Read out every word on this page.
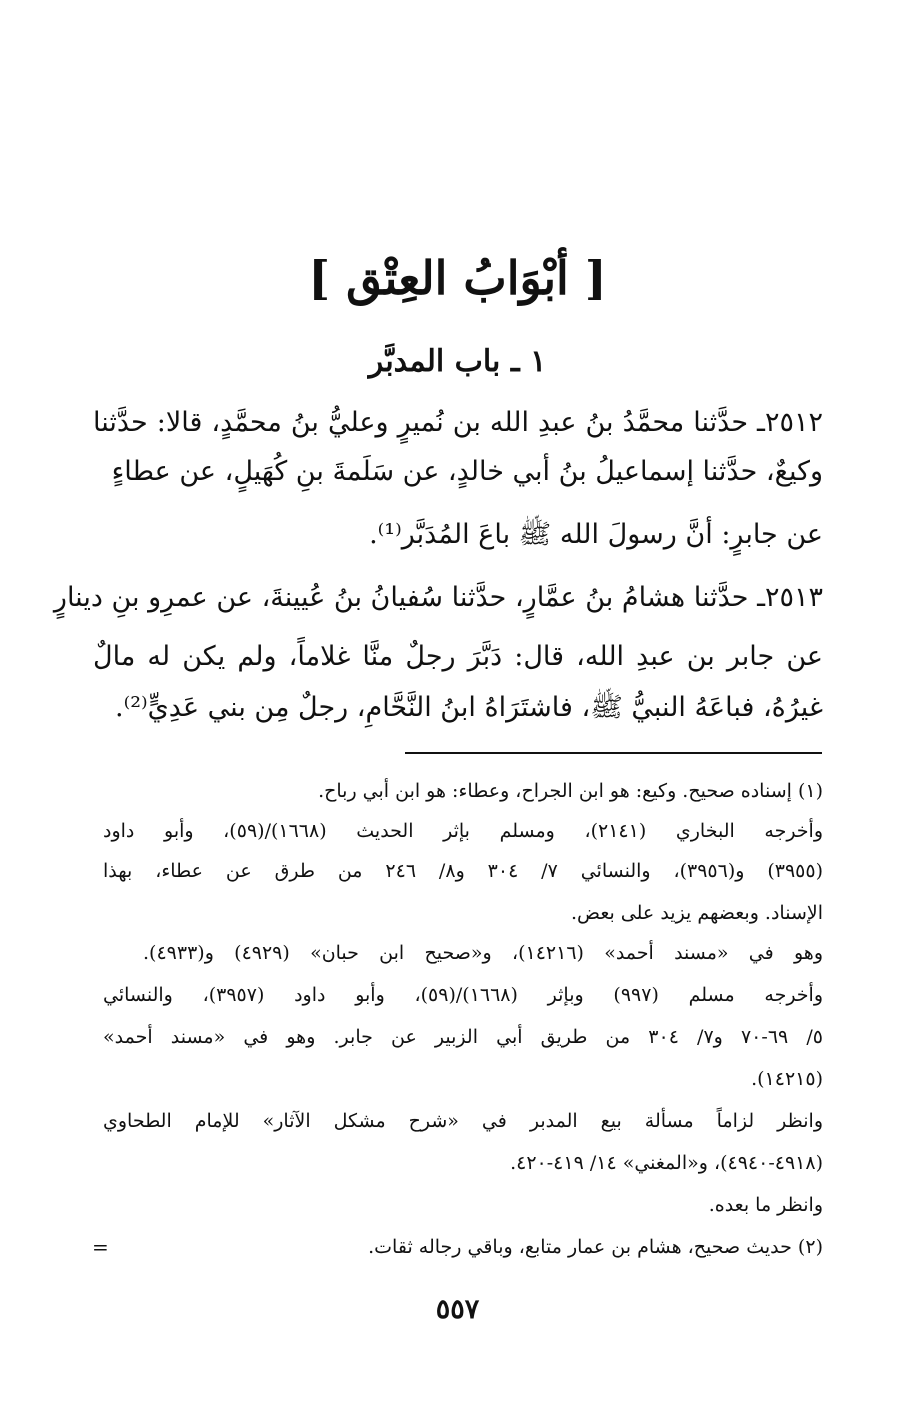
[ أبْوَابُ العِتْق ]
١ ـ باب المدبَّر
٢٥١٢ـ حدَّثنا محمَّدُ بنُ عبدِ الله بن نُميرٍ وعليُّ بنُ محمَّدٍ، قالا: حدَّثنا
وكيعٌ، حدَّثنا إسماعيلُ بنُ أبي خالدٍ، عن سَلَمةَ بنِ كُهَيلٍ، عن عطاءٍ
عن جابرٍ: أنَّ رسولَ الله ﷺ باعَ المُدَبَّر⁽¹⁾.
٢٥١٣ـ حدَّثنا هشامُ بنُ عمَّارٍ، حدَّثنا سُفيانُ بنُ عُيينةَ، عن عمرِو بنِ دينارٍ
عن جابر بن عبدِ الله، قال: دَبَّرَ رجلٌ منَّا غلاماً، ولم يكن له مالٌ
غيرُهُ، فباعَهُ النبيُّ ﷺ، فاشتَرَاهُ ابنُ النَّحَّامِ، رجلٌ مِن بني عَدِيٍّ⁽²⁾.
(١) إسناده صحيح. وكيع: هو ابن الجراح، وعطاء: هو ابن أبي رباح.
وأخرجه البخاري (٢١٤١)، ومسلم بإثر الحديث (١٦٦٨)/(٥٩)، وأبو داود
(٣٩٥٥) و(٣٩٥٦)، والنسائي ٧/ ٣٠٤ و٨/ ٢٤٦ من طرق عن عطاء، بهذا
الإسناد. وبعضهم يزيد على بعض.
وهو في «مسند أحمد» (١٤٢١٦)، و«صحيح ابن حبان» (٤٩٢٩) و(٤٩٣٣).
وأخرجه مسلم (٩٩٧) وبإثر (١٦٦٨)/(٥٩)، وأبو داود (٣٩٥٧)، والنسائي
٥/ ٦٩-٧٠ و٧/ ٣٠٤ من طريق أبي الزبير عن جابر. وهو في «مسند أحمد»
(١٤٢١٥).
وانظر لزاماً مسألة بيع المدبر في «شرح مشكل الآثار» للإمام الطحاوي
(٤٩١٨-٤٩٤٠)، و«المغني» ١٤/ ٤١٩-٤٢٠.
وانظر ما بعده.
(٢) حديث صحيح، هشام بن عمار متابع، وباقي رجاله ثقات.
=
٥٥٧
